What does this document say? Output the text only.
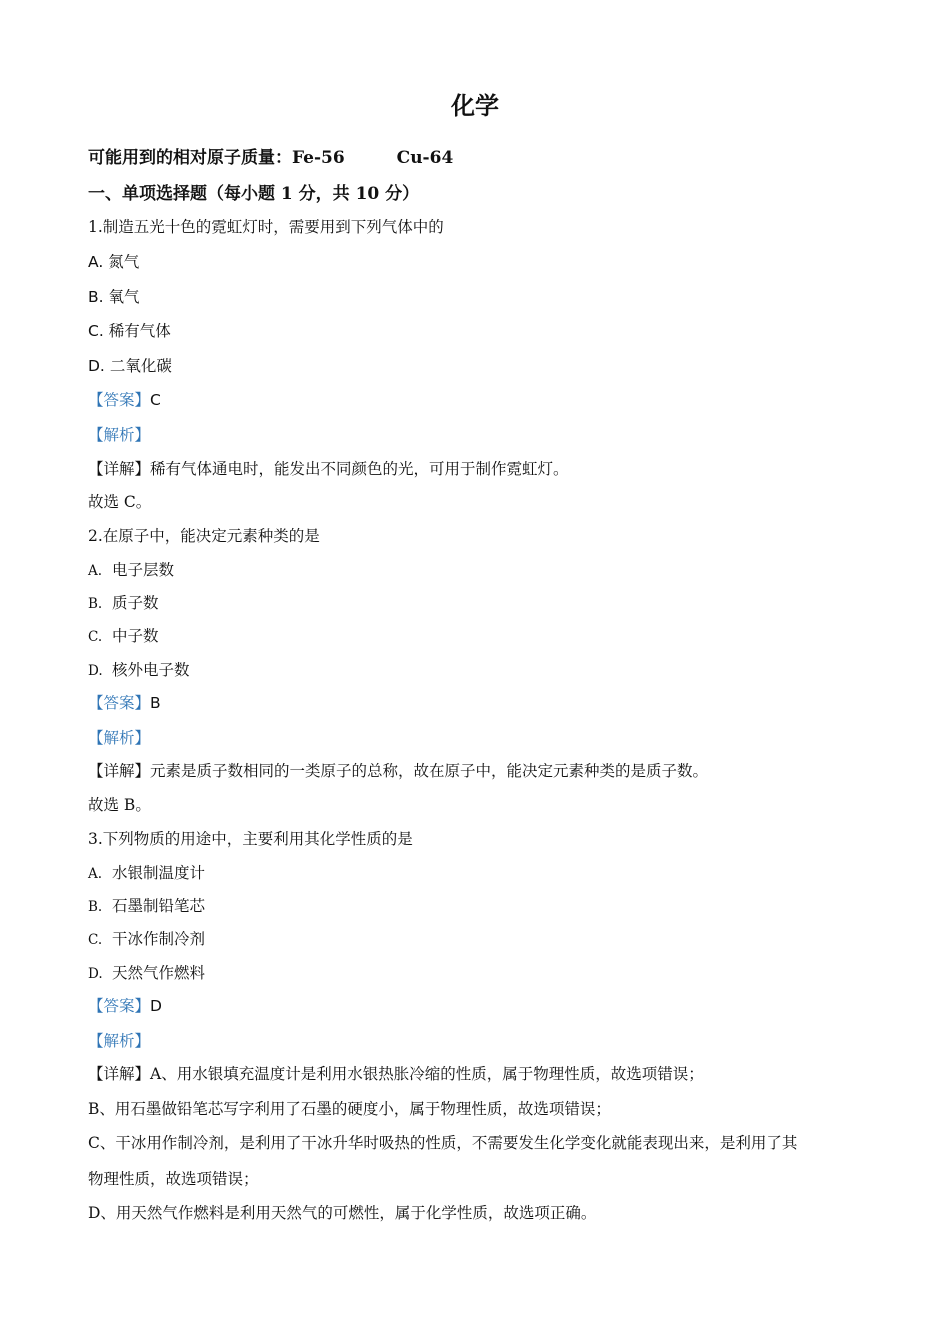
化学
可能用到的相对原子质量：Fe-56	Cu-64
一、单项选择题（每小题 1 分，共 10 分）
1.制造五光十色的霓虹灯时，需要用到下列气体中的
A. 氮气
B. 氧气
C. 稀有气体
D. 二氧化碳
【答案】C
【解析】
【详解】稀有气体通电时，能发出不同颜色的光，可用于制作霓虹灯。
故选 C。
2.在原子中，能决定元素种类的是
A. 电子层数
B. 质子数
C. 中子数
D. 核外电子数
【答案】B
【解析】
【详解】元素是质子数相同的一类原子的总称，故在原子中，能决定元素种类的是质子数。
故选 B。
3.下列物质的用途中，主要利用其化学性质的是
A. 水银制温度计
B. 石墨制铅笔芯
C. 干冰作制冷剂
D. 天然气作燃料
【答案】D
【解析】
【详解】A、用水银填充温度计是利用水银热胀冷缩的性质，属于物理性质，故选项错误；
B、用石墨做铅笔芯写字利用了石墨的硬度小，属于物理性质，故选项错误；
C、干冰用作制冷剂，是利用了干冰升华时吸热的性质，不需要发生化学变化就能表现出来，是利用了其
物理性质，故选项错误；
D、用天然气作燃料是利用天然气的可燃性，属于化学性质，故选项正确。
